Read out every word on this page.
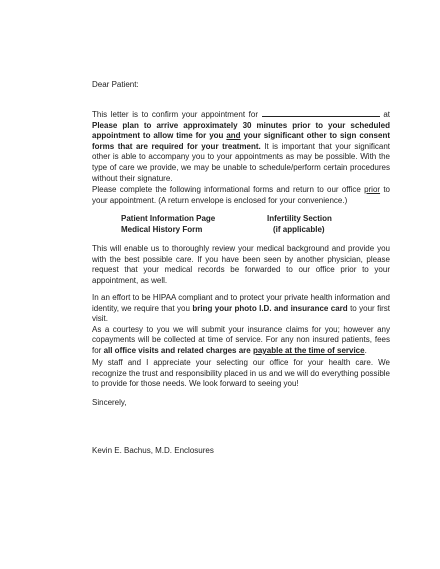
Dear Patient:

This letter is to confirm your appointment for	at Please plan to arrive approximately 30 minutes prior to your scheduled appointment to allow time for you and your significant other to sign consent forms that are required for your treatment. It is important that your significant other is able to accompany you to your appointments as may be possible. With the type of care we provide, we may be unable to schedule/perform certain procedures without their signature.

Please complete the following informational forms and return to our office prior to your appointment. (A return envelope is enclosed for your convenience.)

Patient Information Page	Infertility Section
Medical History Form	(if applicable)

This will enable us to thoroughly review your medical background and provide you with the best possible care. If you have been seen by another physician, please request that your medical records be forwarded to our office prior to your appointment, as well.

In an effort to be HIPAA compliant and to protect your private health information and identity, we require that you bring your photo I.D. and insurance card to your first visit.
As a courtesy to you we will submit your insurance claims for you; however any copayments will be collected at time of service. For any non insured patients, fees for all office visits and related charges are payable at the time of service.

My staff and I appreciate your selecting our office for your health care. We recognize the trust and responsibility placed in us and we will do everything possible to provide for those needs. We look forward to seeing you!

Sincerely,

Kevin E. Bachus, M.D. Enclosures
